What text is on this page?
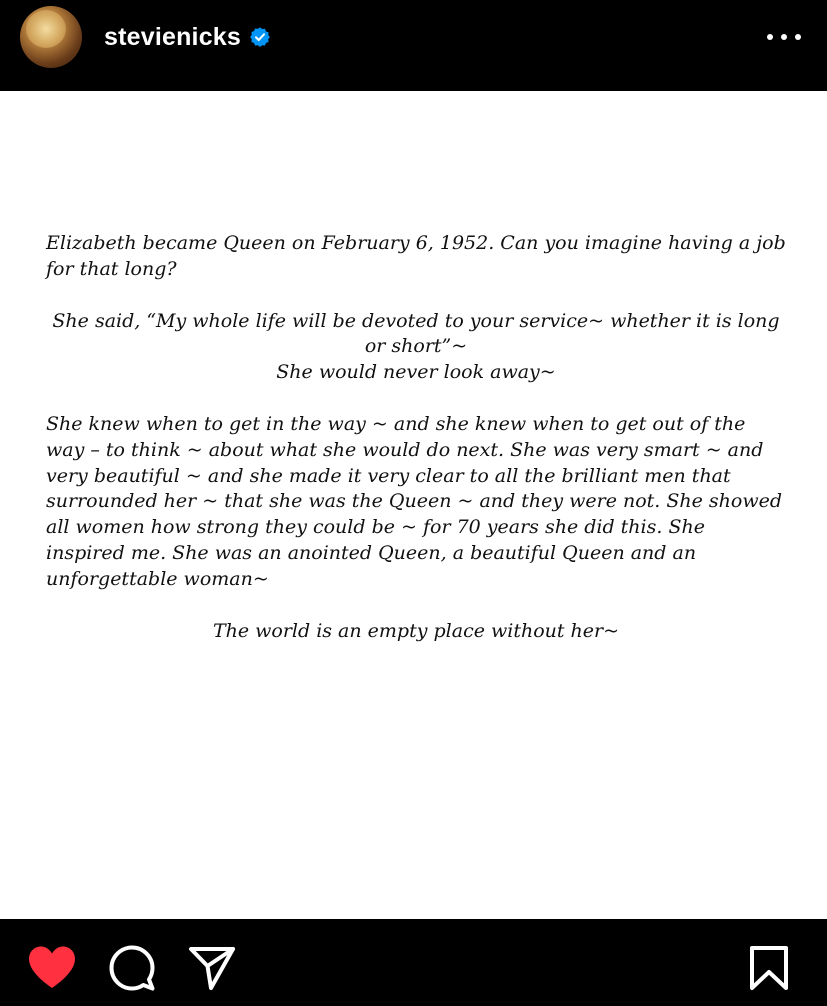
stevienicks

Elizabeth became Queen on February 6, 1952. Can you imagine having a job for that long?

She said, “My whole life will be devoted to your service~ whether it is long or short”~

She would never look away~

She knew when to get in the way ~ and she knew when to get out of the way – to think ~ about what she would do next. She was very smart ~ and very beautiful ~ and she made it very clear to all the brilliant men that surrounded her ~ that she was the Queen ~ and they were not. She showed all women how strong they could be ~ for 70 years she did this. She inspired me. She was an anointed Queen, a beautiful Queen and an unforgettable woman~

The world is an empty place without her~
